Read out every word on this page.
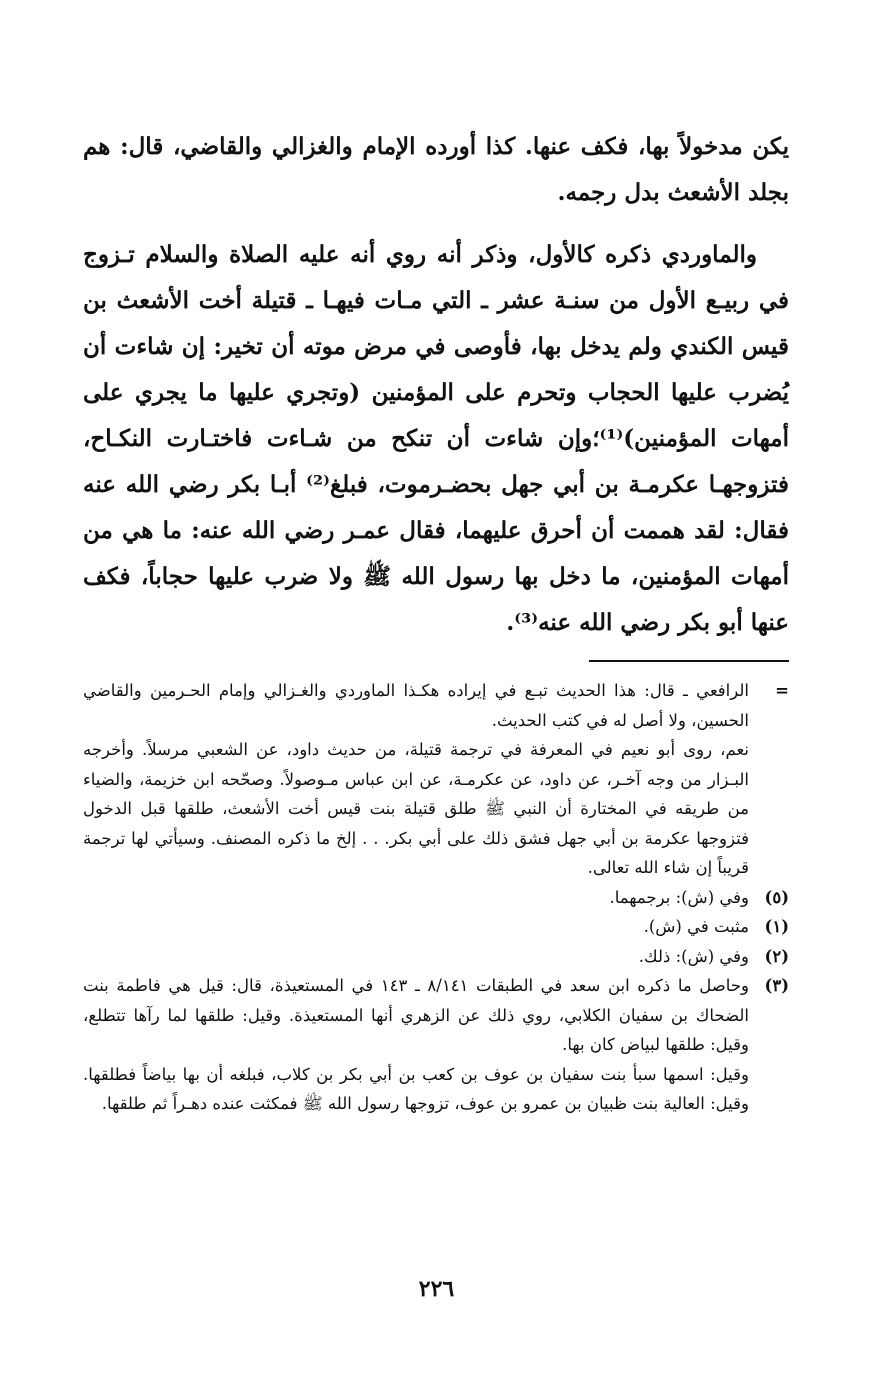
يكن مدخولاً بها، فكف عنها. كذا أورده الإمام والغزالي والقاضي، قال: هم بجلد الأشعث بدل رجمه.

والماوردي ذكره كالأول، وذكر أنه روي أنه عليه الصلاة والسلام تـزوج في ربيـع الأول من سنـة عشر ـ التي مـات فيهـا ـ قتيلة أخت الأشعث بن قيس الكندي ولم يدخل بها، فأوصى في مرض موته أن تخير: إن شاءت أن يُضرب عليها الحجاب وتحرم على المؤمنين (وتجري عليها ما يجري على أمهات المؤمنين)⁽¹⁾؛وإن شاءت أن تنكح من شـاءت فاختـارت النكـاح، فتزوجهـا عكرمـة بن أبي جهل بحضـرموت، فبلغ⁽²⁾ أبـا بكر رضي الله عنه فقال: لقد هممت أن أحرق عليهما، فقال عمـر رضي الله عنه: ما هي من أمهات المؤمنين، ما دخل بها رسول الله ﷺ ولا ضرب عليها حجاباً، فكف عنها أبو بكر رضي الله عنه⁽³⁾.

=

الرافعي ـ قال: هذا الحديث تبـع في إيراده هكـذا الماوردي والغـزالي وإمام الحـرمين والقاضي الحسين، ولا أصل له في كتب الحديث.

نعم، روى أبو نعيم في المعرفة في ترجمة قتيلة، من حديث داود، عن الشعبي مرسلاً. وأخرجه البـزار من وجه آخـر، عن داود، عن عكرمـة، عن ابن عباس مـوصولاً. وصحّحه ابن خزيمة، والضياء من طريقه في المختارة أن النبي ﷺ طلق قتيلة بنت قيس أخت الأشعث، طلقها قبل الدخول فتزوجها عكرمة بن أبي جهل فشق ذلك على أبي بكر. . . إلخ ما ذكره المصنف. وسيأتي لها ترجمة قريباً إن شاء الله تعالى.

(٥)

وفي (ش): برجمهما.

(١)

مثبت في (ش).

(٢)

وفي (ش): ذلك.

(٣)

وحاصل ما ذكره ابن سعد في الطبقات ٨/١٤١ ـ ١٤٣ في المستعيذة، قال: قيل هي فاطمة بنت الضحاك بن سفيان الكلابي، روي ذلك عن الزهري أنها المستعيذة. وقيل: طلقها لما رآها تتطلع، وقيل: طلقها لبياض كان بها.

وقيل: اسمها سبأ بنت سفيان بن عوف بن كعب بن أبي بكر بن كلاب، فبلغه أن بها بياضاً فطلقها. وقيل: العالية بنت ظبيان بن عمرو بن عوف، تزوجها رسول الله ﷺ فمكثت عنده دهـراً ثم طلقها.

٢٢٦
